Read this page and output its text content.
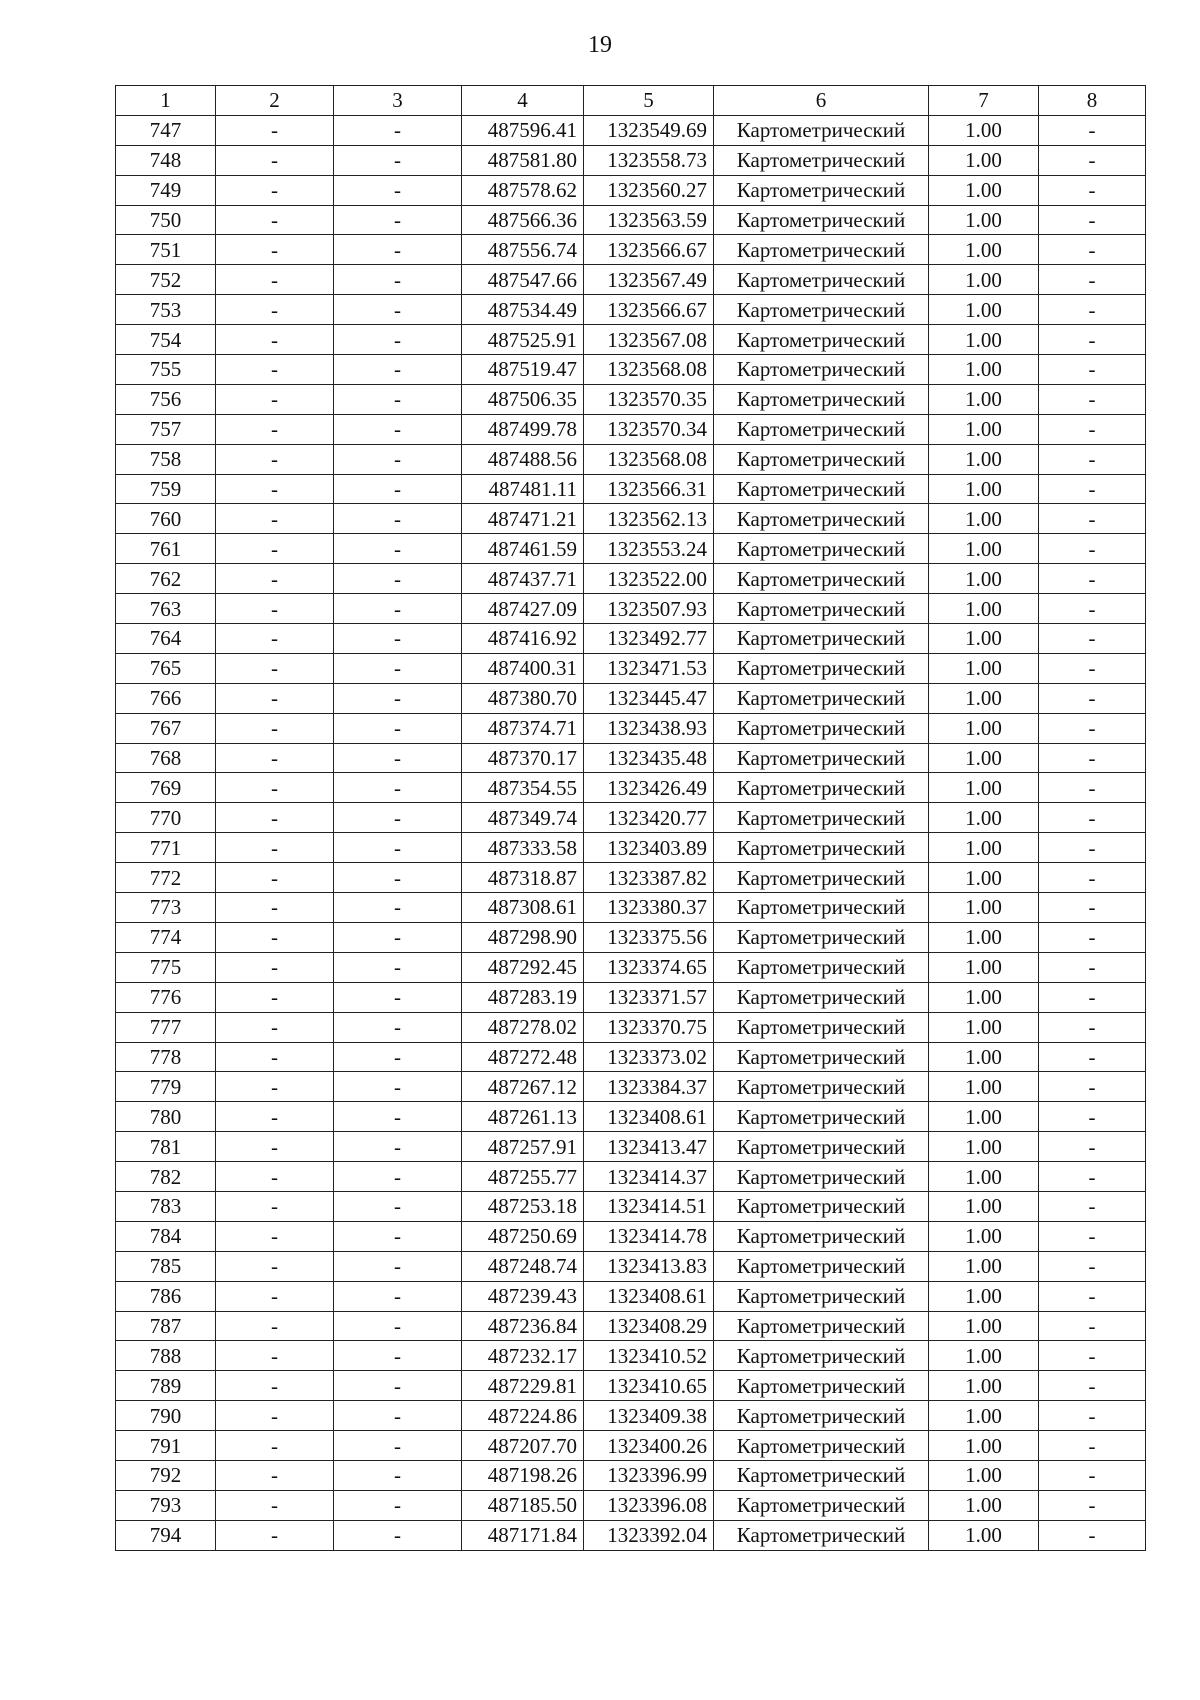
19
1	2	3	4	5	6	7	8
747	-	-	487596.41	1323549.69	Картометрический	1.00	-
748	-	-	487581.80	1323558.73	Картометрический	1.00	-
749	-	-	487578.62	1323560.27	Картометрический	1.00	-
750	-	-	487566.36	1323563.59	Картометрический	1.00	-
751	-	-	487556.74	1323566.67	Картометрический	1.00	-
752	-	-	487547.66	1323567.49	Картометрический	1.00	-
753	-	-	487534.49	1323566.67	Картометрический	1.00	-
754	-	-	487525.91	1323567.08	Картометрический	1.00	-
755	-	-	487519.47	1323568.08	Картометрический	1.00	-
756	-	-	487506.35	1323570.35	Картометрический	1.00	-
757	-	-	487499.78	1323570.34	Картометрический	1.00	-
758	-	-	487488.56	1323568.08	Картометрический	1.00	-
759	-	-	487481.11	1323566.31	Картометрический	1.00	-
760	-	-	487471.21	1323562.13	Картометрический	1.00	-
761	-	-	487461.59	1323553.24	Картометрический	1.00	-
762	-	-	487437.71	1323522.00	Картометрический	1.00	-
763	-	-	487427.09	1323507.93	Картометрический	1.00	-
764	-	-	487416.92	1323492.77	Картометрический	1.00	-
765	-	-	487400.31	1323471.53	Картометрический	1.00	-
766	-	-	487380.70	1323445.47	Картометрический	1.00	-
767	-	-	487374.71	1323438.93	Картометрический	1.00	-
768	-	-	487370.17	1323435.48	Картометрический	1.00	-
769	-	-	487354.55	1323426.49	Картометрический	1.00	-
770	-	-	487349.74	1323420.77	Картометрический	1.00	-
771	-	-	487333.58	1323403.89	Картометрический	1.00	-
772	-	-	487318.87	1323387.82	Картометрический	1.00	-
773	-	-	487308.61	1323380.37	Картометрический	1.00	-
774	-	-	487298.90	1323375.56	Картометрический	1.00	-
775	-	-	487292.45	1323374.65	Картометрический	1.00	-
776	-	-	487283.19	1323371.57	Картометрический	1.00	-
777	-	-	487278.02	1323370.75	Картометрический	1.00	-
778	-	-	487272.48	1323373.02	Картометрический	1.00	-
779	-	-	487267.12	1323384.37	Картометрический	1.00	-
780	-	-	487261.13	1323408.61	Картометрический	1.00	-
781	-	-	487257.91	1323413.47	Картометрический	1.00	-
782	-	-	487255.77	1323414.37	Картометрический	1.00	-
783	-	-	487253.18	1323414.51	Картометрический	1.00	-
784	-	-	487250.69	1323414.78	Картометрический	1.00	-
785	-	-	487248.74	1323413.83	Картометрический	1.00	-
786	-	-	487239.43	1323408.61	Картометрический	1.00	-
787	-	-	487236.84	1323408.29	Картометрический	1.00	-
788	-	-	487232.17	1323410.52	Картометрический	1.00	-
789	-	-	487229.81	1323410.65	Картометрический	1.00	-
790	-	-	487224.86	1323409.38	Картометрический	1.00	-
791	-	-	487207.70	1323400.26	Картометрический	1.00	-
792	-	-	487198.26	1323396.99	Картометрический	1.00	-
793	-	-	487185.50	1323396.08	Картометрический	1.00	-
794	-	-	487171.84	1323392.04	Картометрический	1.00	-
